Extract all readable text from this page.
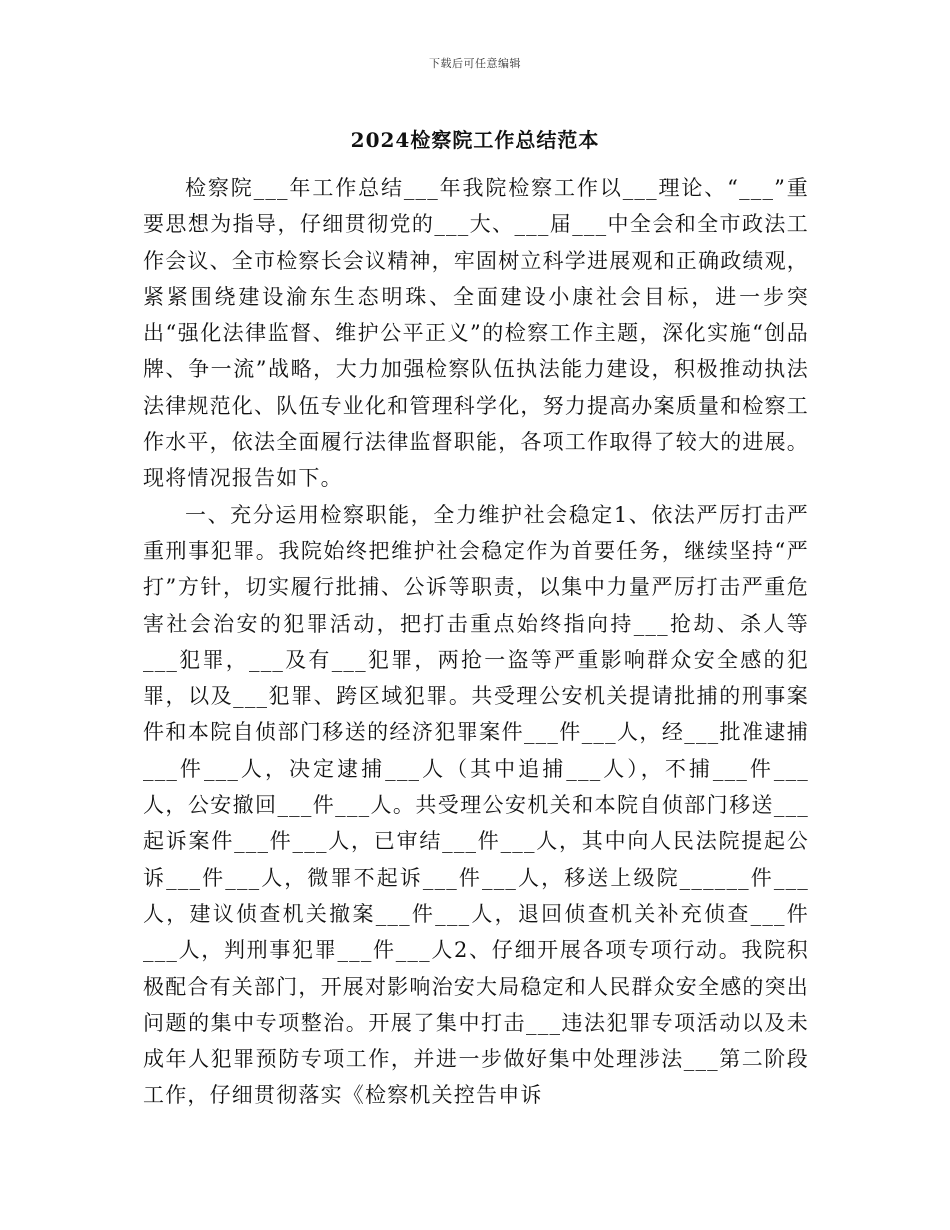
下载后可任意编辑
2024检察院工作总结范本

检察院___年工作总结___年我院检察工作以___理论、“___”重要思想为指导，仔细贯彻党的___大、___届___中全会和全市政法工作会议、全市检察长会议精神，牢固树立科学进展观和正确政绩观，紧紧围绕建设渝东生态明珠、全面建设小康社会目标，进一步突出“强化法律监督、维护公平正义”的检察工作主题，深化实施“创品牌、争一流”战略，大力加强检察队伍执法能力建设，积极推动执法法律规范化、队伍专业化和管理科学化，努力提高办案质量和检察工作水平，依法全面履行法律监督职能，各项工作取得了较大的进展。现将情况报告如下。

一、充分运用检察职能，全力维护社会稳定1、依法严厉打击严重刑事犯罪。我院始终把维护社会稳定作为首要任务，继续坚持“严打”方针，切实履行批捕、公诉等职责，以集中力量严厉打击严重危害社会治安的犯罪活动，把打击重点始终指向持___抢劫、杀人等___犯罪，___及有___犯罪，两抢一盗等严重影响群众安全感的犯罪，以及___犯罪、跨区域犯罪。共受理公安机关提请批捕的刑事案件和本院自侦部门移送的经济犯罪案件___件___人，经___批准逮捕___件___人，决定逮捕___人（其中追捕___人），不捕___件___人，公安撤回___件___人。共受理公安机关和本院自侦部门移送___起诉案件___件___人，已审结___件___人，其中向人民法院提起公诉___件___人，微罪不起诉___件___人，移送上级院______件___人，建议侦查机关撤案___件___人，退回侦查机关补充侦查___件___人，判刑事犯罪___件___人2、仔细开展各项专项行动。我院积极配合有关部门，开展对影响治安大局稳定和人民群众安全感的突出问题的集中专项整治。开展了集中打击___违法犯罪专项活动以及未成年人犯罪预防专项工作，并进一步做好集中处理涉法___第二阶段工作，仔细贯彻落实《检察机关控告申诉
